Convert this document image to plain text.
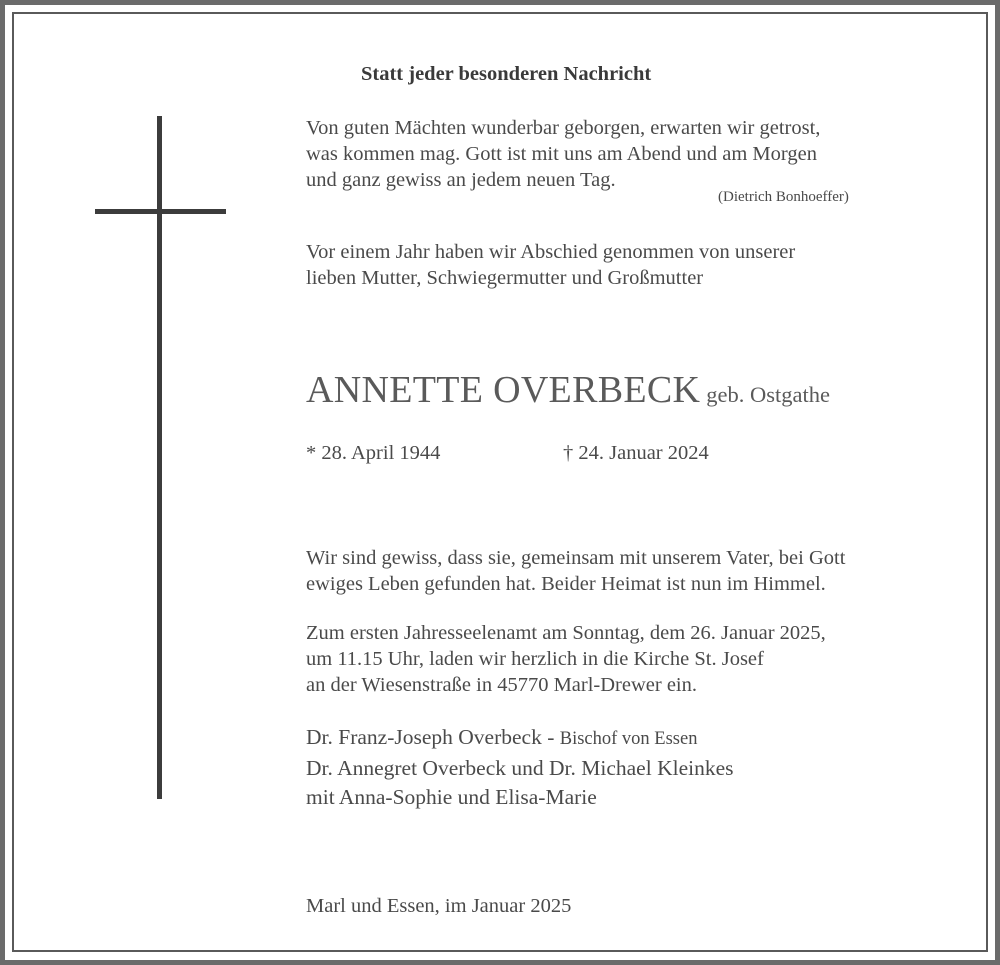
Statt jeder besonderen Nachricht

Von guten Mächten wunderbar geborgen, erwarten wir getrost,
was kommen mag. Gott ist mit uns am Abend und am Morgen
und ganz gewiss an jedem neuen Tag.
(Dietrich Bonhoeffer)
Vor einem Jahr haben wir Abschied genommen von unserer
lieben Mutter, Schwiegermutter und Großmutter
ANNETTE OVERBECK geb. Ostgathe

* 28. April 1944	† 24. Januar 2024

Wir sind gewiss, dass sie, gemeinsam mit unserem Vater, bei Gott
ewiges Leben gefunden hat. Beider Heimat ist nun im Himmel.
Zum ersten Jahresseelenamt am Sonntag, dem 26. Januar 2025,
um 11.15 Uhr, laden wir herzlich in die Kirche St. Josef
an der Wiesenstraße in 45770 Marl-Drewer ein.
Dr. Franz-Joseph Overbeck - Bischof von Essen
Dr. Annegret Overbeck und Dr. Michael Kleinkes
mit Anna-Sophie und Elisa-Marie

Marl und Essen, im Januar 2025
